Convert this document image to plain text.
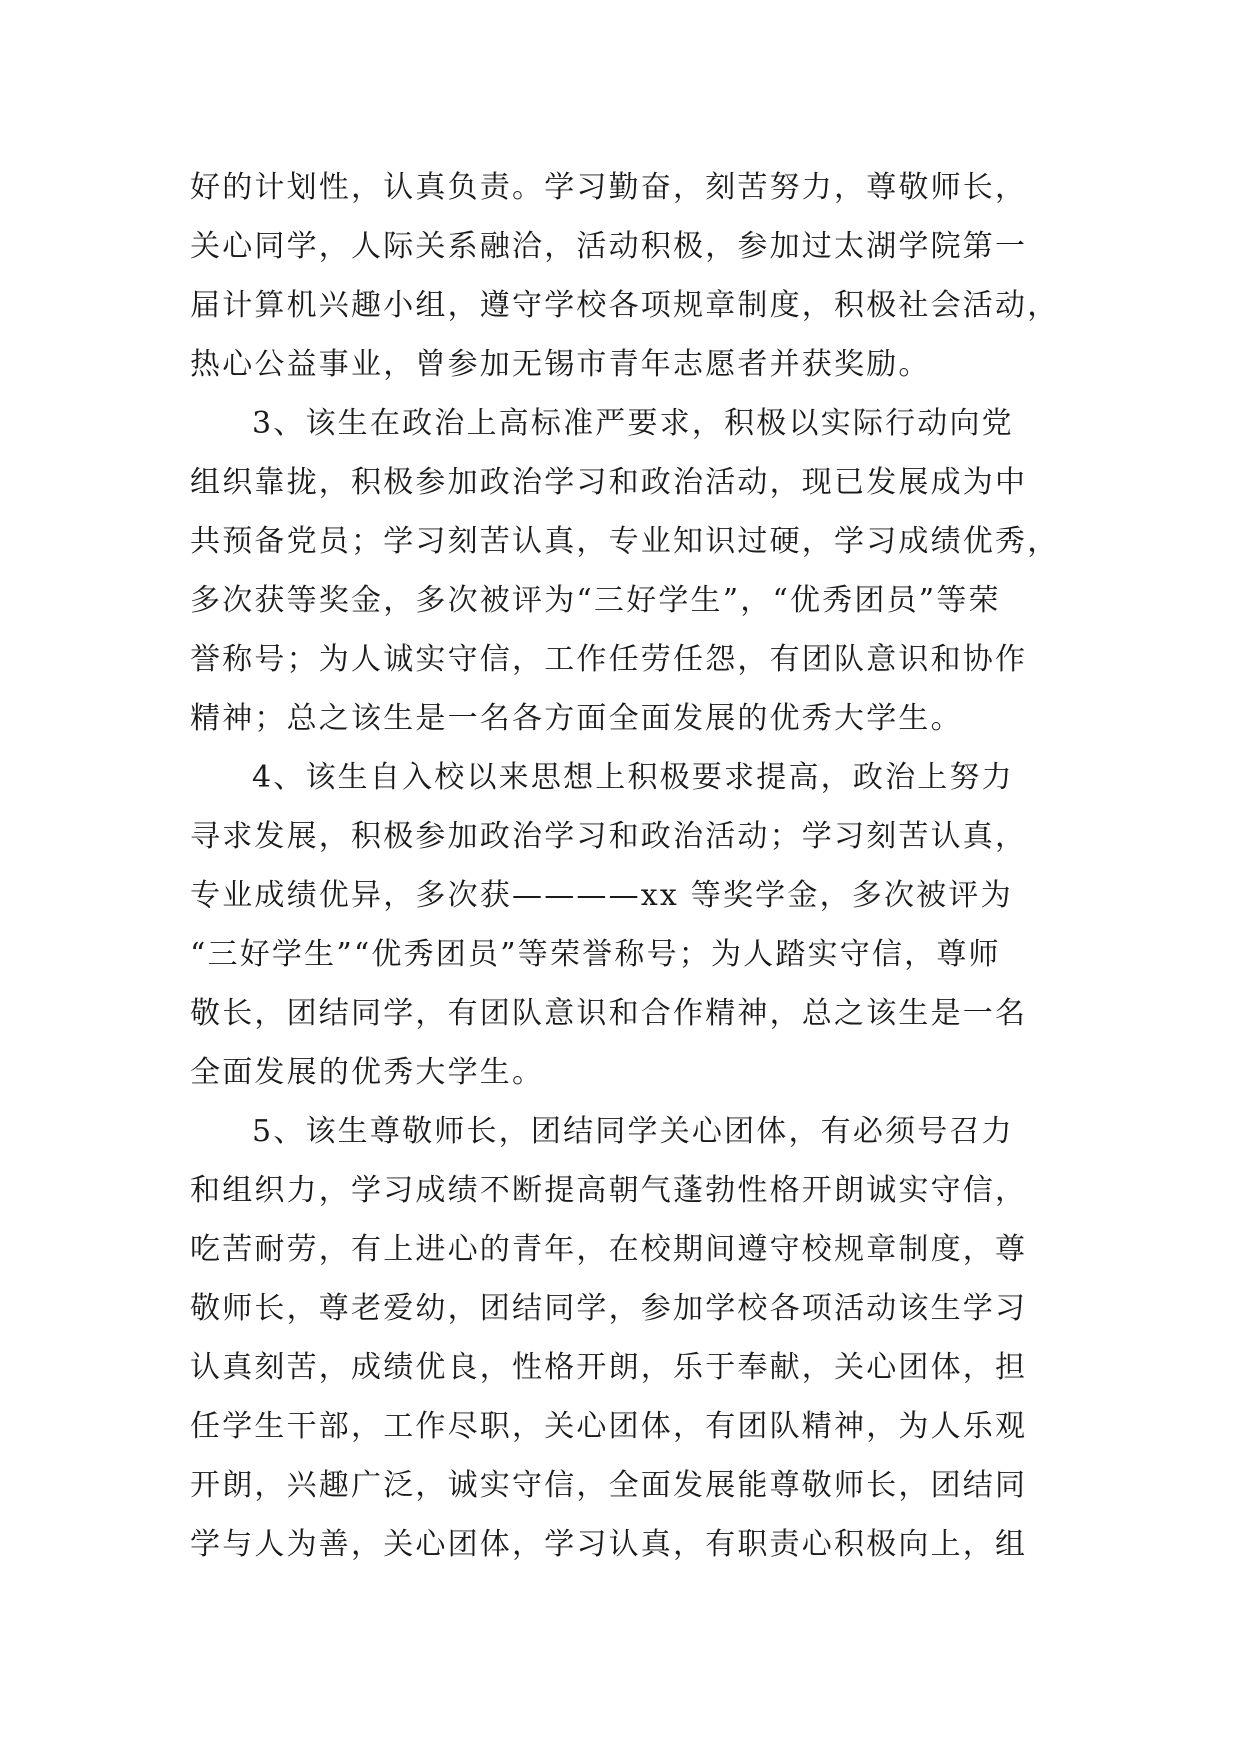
好的计划性，认真负责。学习勤奋，刻苦努力，尊敬师长，
关心同学，人际关系融洽，活动积极，参加过太湖学院第一
届计算机兴趣小组，遵守学校各项规章制度，积极社会活动，
热心公益事业，曾参加无锡市青年志愿者并获奖励。
3、该生在政治上高标准严要求，积极以实际行动向党
组织靠拢，积极参加政治学习和政治活动，现已发展成为中
共预备党员；学习刻苦认真，专业知识过硬，学习成绩优秀，
多次获等奖金，多次被评为“三好学生”，“优秀团员”等荣
誉称号；为人诚实守信，工作任劳任怨，有团队意识和协作
精神；总之该生是一名各方面全面发展的优秀大学生。
4、该生自入校以来思想上积极要求提高，政治上努力
寻求发展，积极参加政治学习和政治活动；学习刻苦认真，
专业成绩优异，多次获————xx 等奖学金，多次被评为
“三好学生”“优秀团员”等荣誉称号；为人踏实守信，尊师
敬长，团结同学，有团队意识和合作精神，总之该生是一名
全面发展的优秀大学生。
5、该生尊敬师长，团结同学关心团体，有必须号召力
和组织力，学习成绩不断提高朝气蓬勃性格开朗诚实守信，
吃苦耐劳，有上进心的青年，在校期间遵守校规章制度，尊
敬师长，尊老爱幼，团结同学，参加学校各项活动该生学习
认真刻苦，成绩优良，性格开朗，乐于奉献，关心团体，担
任学生干部，工作尽职，关心团体，有团队精神，为人乐观
开朗，兴趣广泛，诚实守信，全面发展能尊敬师长，团结同
学与人为善，关心团体，学习认真，有职责心积极向上，组
